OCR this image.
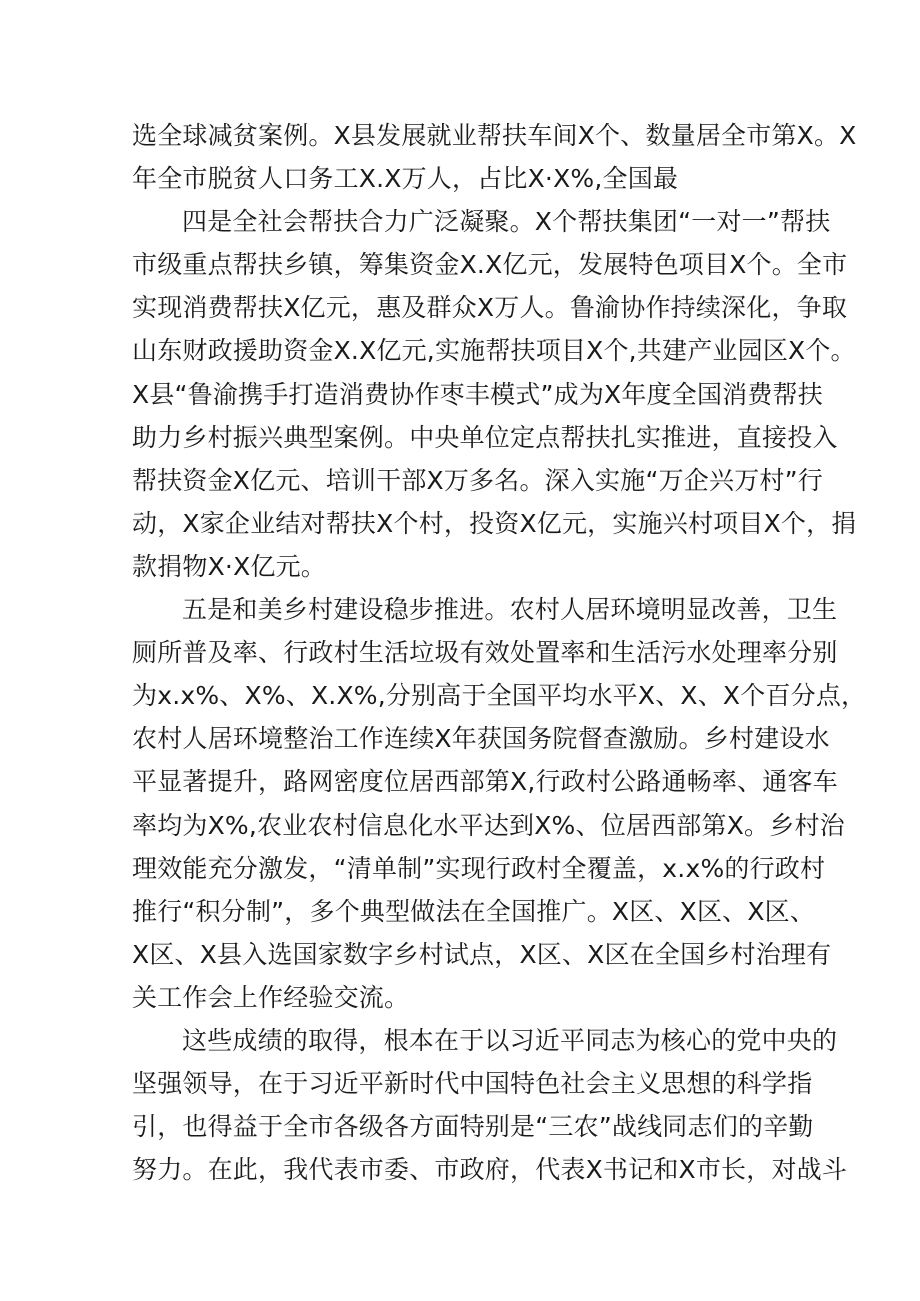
选全球减贫案例。X县发展就业帮扶车间X个、数量居全市第X。X
年全市脱贫人口务工X.X万人，占比X·X%,全国最
四是全社会帮扶合力广泛凝聚。X个帮扶集团“一对一”帮扶
市级重点帮扶乡镇，筹集资金X.X亿元，发展特色项目X个。全市
实现消费帮扶X亿元，惠及群众X万人。鲁渝协作持续深化，争取
山东财政援助资金X.X亿元,实施帮扶项目X个,共建产业园区X个。
X县“鲁渝携手打造消费协作枣丰模式”成为X年度全国消费帮扶
助力乡村振兴典型案例。中央单位定点帮扶扎实推进，直接投入
帮扶资金X亿元、培训干部X万多名。深入实施“万企兴万村”行
动，X家企业结对帮扶X个村，投资X亿元，实施兴村项目X个，捐
款捐物X·X亿元。
五是和美乡村建设稳步推进。农村人居环境明显改善，卫生
厕所普及率、行政村生活垃圾有效处置率和生活污水处理率分别
为x.x%、X%、X.X%,分别高于全国平均水平X、X、X个百分点，
农村人居环境整治工作连续X年获国务院督查激励。乡村建设水
平显著提升，路网密度位居西部第X,行政村公路通畅率、通客车
率均为X%,农业农村信息化水平达到X%、位居西部第X。乡村治
理效能充分激发，“清单制”实现行政村全覆盖，x.x%的行政村
推行“积分制”，多个典型做法在全国推广。X区、X区、X区、
X区、X县入选国家数字乡村试点，X区、X区在全国乡村治理有
关工作会上作经验交流。
这些成绩的取得，根本在于以习近平同志为核心的党中央的
坚强领导，在于习近平新时代中国特色社会主义思想的科学指
引，也得益于全市各级各方面特别是“三农”战线同志们的辛勤
努力。在此，我代表市委、市政府，代表X书记和X市长，对战斗
